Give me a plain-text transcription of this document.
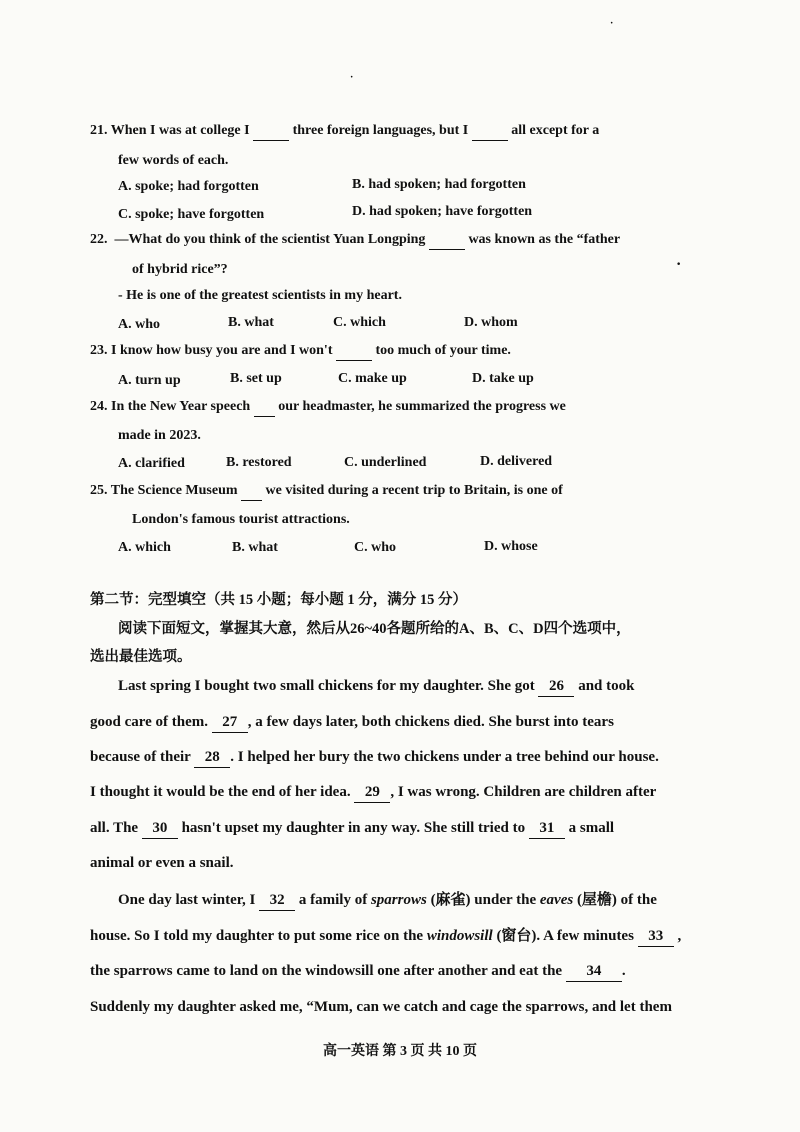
21. When I was at college I	three foreign languages, but I	all except for a
few words of each.
A. spoke; had forgotten	B. had spoken; had forgotten
C. spoke; have forgotten	D. had spoken; have forgotten
22. —What do you think of the scientist Yuan Longping	was known as the “father
of hybrid rice”?
- He is one of the greatest scientists in my heart.
A. who	B. what	C. which	D. whom
23. I know how busy you are and I won't	too much of your time.
A. turn up	B. set up	C. make up	D. take up
24. In the New Year speech our headmaster, he summarized the progress we
made in 2023.
A. clarified	B. restored	C. underlined	D. delivered
25. The Science Museum we visited during a recent trip to Britain, is one of
London's famous tourist attractions.
A. which	B. what	C. who	D. whose
第二节：完型填空（共 15 小题；每小题 1 分，满分 15 分）
阅读下面短文，掌握其大意，然后从26~40各题所给的A、B、C、D四个选项中，
选出最佳选项。
Last spring I bought two small chickens for my daughter. She got 26 and took
good care of them. 27 , a few days later, both chickens died. She burst into tears
because of their 28 . I helped her bury the two chickens under a tree behind our house.
I thought it would be the end of her idea. 29 , I was wrong. Children are children after
all. The 30 hasn't upset my daughter in any way. She still tried to 31 a small
animal or even a snail.
One day last winter, I 32 a family of sparrows (麻雀) under the eaves (屋檐) of the
house. So I told my daughter to put some rice on the windowsill (窗台). A few minutes 33 ,
the sparrows came to land on the windowsill one after another and eat the 34 .
Suddenly my daughter asked me, “Mum, can we catch and cage the sparrows, and let them
·
·
·
高一英语 第 3 页 共 10 页
